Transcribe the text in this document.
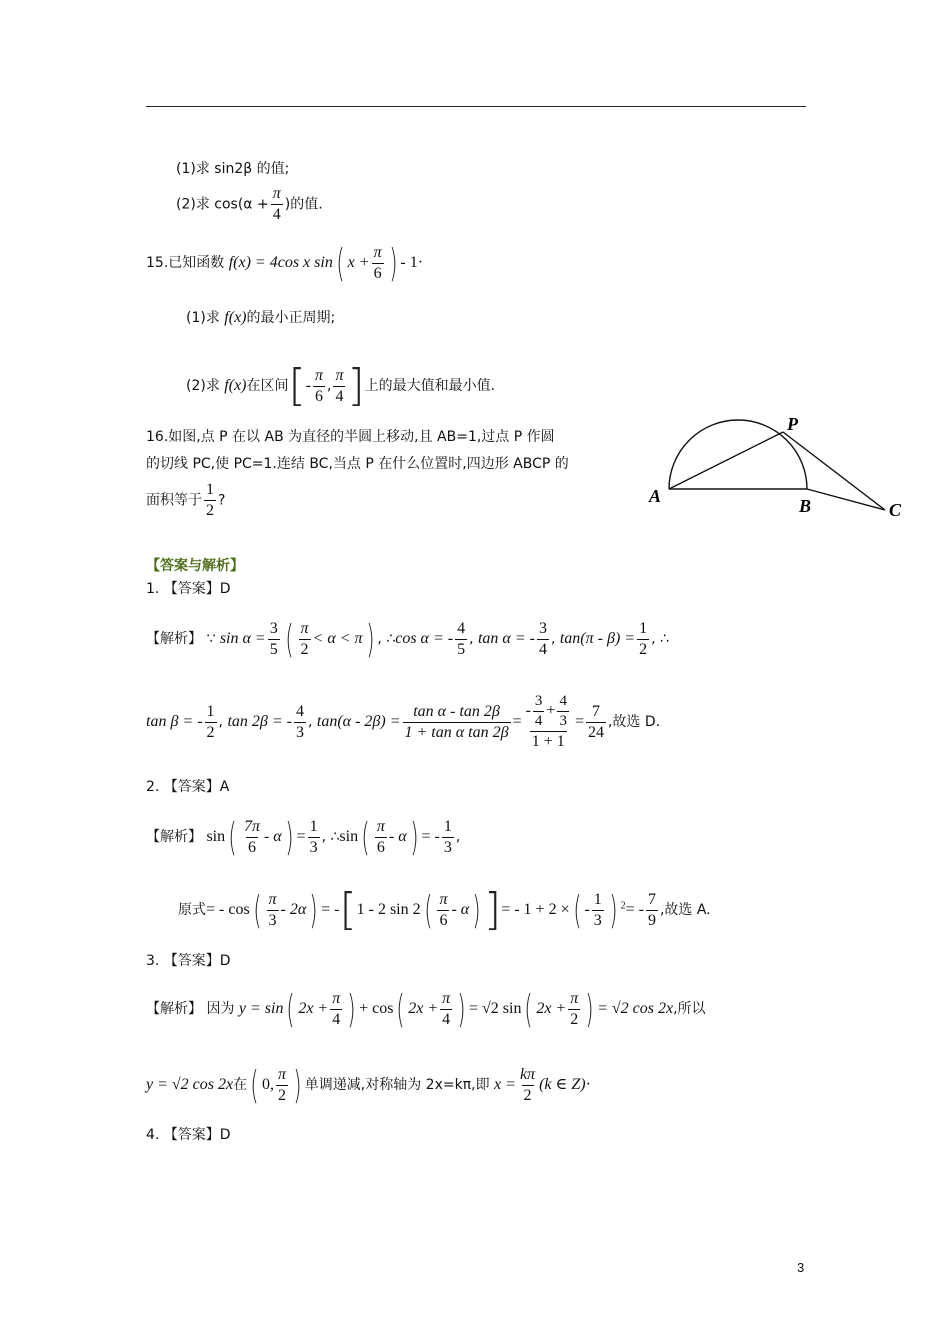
(1)求 sin2β 的值;
(2)求 $\cos(\alpha + \frac{\pi}{4}$ )的值.
15.已知函数 f(x) = 4cos x sin( $x + \frac{\pi}{6}$ ) - 1·
(1)求 f(x)的最小正周期;
(2)求 f(x)在区间[- $\frac{\pi}{6}$ , $\frac{\pi}{4}$ ]上的最大值和最小值.
16.如图,点 P 在以 AB 为直径的半圆上移动,且 AB=1,过点 P 作圆
的切线 PC,使 PC=1.连结 BC,当点 P 在什么位置时,四边形 ABCP 的
面积等于 $\frac{1}{2}$ ?	A	B	C
P
【答案与解析】
1. 【答案】D
【解析】 ∵ $\sin \alpha = \frac{3}{5}$ ( $\frac{\pi}{2} < \alpha < \pi$) , ∴cos α = - $\frac{4}{5}$ , tan α = - $\frac{3}{4}$ , $\tan(\pi - \beta) = \frac{1}{2}$ , ∴
tan β = - $\frac{1}{2}$ , tan 2β = - $\frac{4}{3}$ , $\tan(\alpha - 2\beta) = \frac{\text{tan α - tan 2β}}{\text{1 + tan α tan 2β}} = \frac{- \frac{3}{4} + \frac{4}{3}}{1 + 1} = \frac{7}{24}$ ,故选 D.
2. 【答案】A
【解析】 $\sin( \frac{7\pi}{6} - \alpha) = \frac{1}{3}$ , ∴sin( $\frac{\pi}{6} - \alpha$) = - $\frac{1}{3}$ ,
原式= - $\cos( \frac{\pi}{3} - 2\alpha) = -[1 - 2$ $\sin 2( \frac{\pi}{6} - \alpha)]= - 1 + 2$ ×( - $\frac{1}{3}$ ) $^2= - \frac{7}{9}$ ,故选 A.
3. 【答案】D
【解析】 因为 y = sin( $2x + \frac{\pi}{4}$ ) + cos( $2x + \frac{\pi}{4}$ ) = √2 sin( $2x + \frac{\pi}{2}$ ) = √2 cos 2x,所以
y = √2 cos 2x在( 0, $\frac{\pi}{2}$ ) 单调递减,对称轴为 2x=kπ,即 $x = \frac{k\pi}{2} (k$ ∈ Z)·
4. 【答案】D
3
